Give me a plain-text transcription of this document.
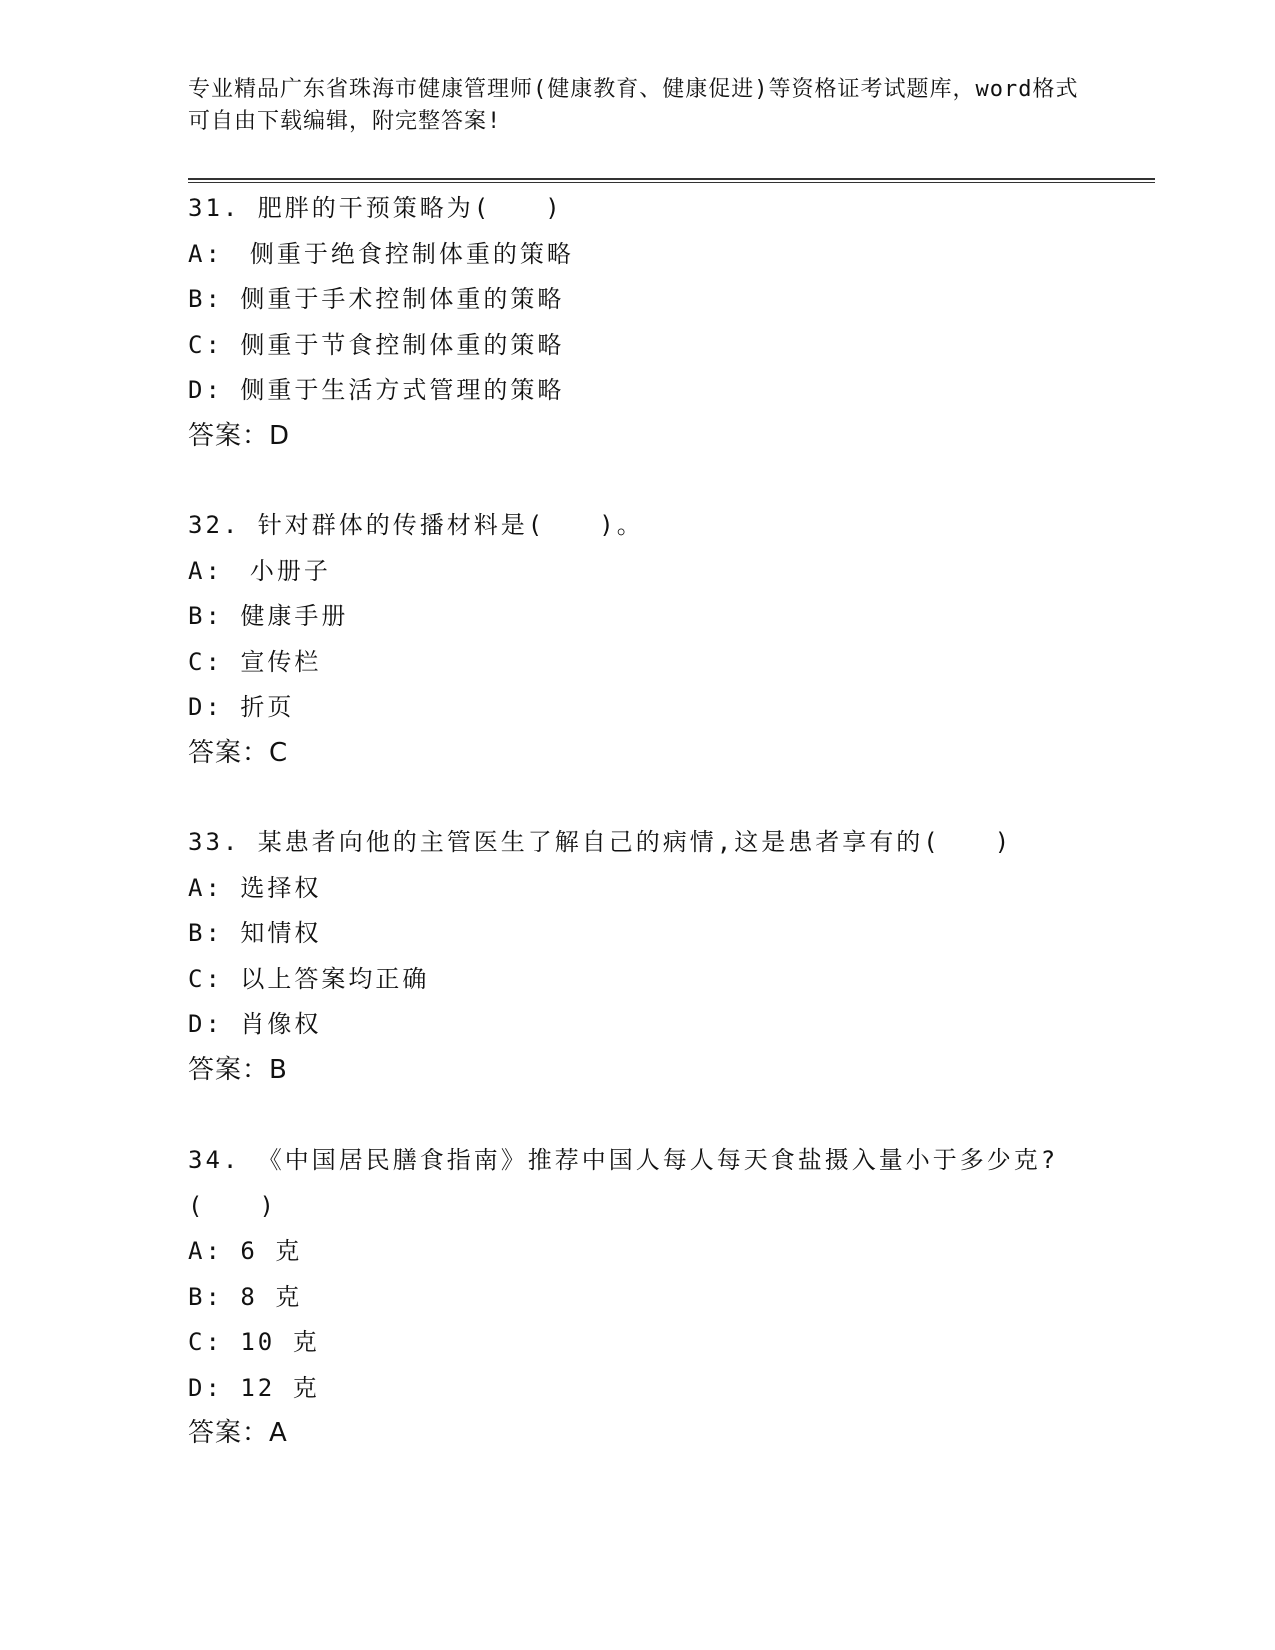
专业精品广东省珠海市健康管理师(健康教育、健康促进)等资格证考试题库，word格式可自由下载编辑，附完整答案!
31. 肥胖的干预策略为(　　)
A:　侧重于绝食控制体重的策略
B: 侧重于手术控制体重的策略
C: 侧重于节食控制体重的策略
D: 侧重于生活方式管理的策略
答案：D
32. 针对群体的传播材料是(　　)。
A:　小册子
B: 健康手册
C: 宣传栏
D: 折页
答案：C
33. 某患者向他的主管医生了解自己的病情,这是患者享有的(　　)
A: 选择权
B: 知情权
C: 以上答案均正确
D: 肖像权
答案：B
34. 《中国居民膳食指南》推荐中国人每人每天食盐摄入量小于多少克?(　　)
A: 6 克
B: 8 克
C: 10 克
D: 12 克
答案：A
